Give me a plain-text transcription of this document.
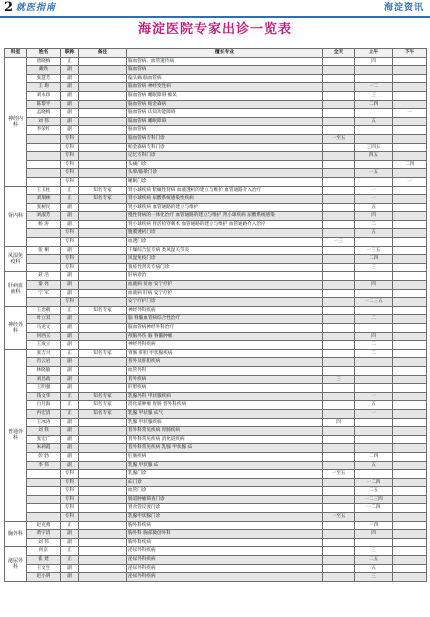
2 就医指南	海淀资讯
海淀医院专家出诊一览表
科室	姓名	职称	备注	擅长专业	全天	上午	下午
神经内科	唐晓梅	正		脑血管病、血管遗传病		四	
	戴铁	副		脑血管病			
	张慧芳	副		偏头痛 脑血管病			
	王 珣	副		脑血管病 神经变性病		一二	
	刘永珍	副		脑血管病 睡眠障碍 痴呆		三	
	陈黎平	副		脑血管病 帕金森病		二四	
	孟晓梅	副		脑血管病 认知功能障碍			一
	刘 伟	副		脑血管病 睡眠障碍		五	
	李荣红	副		脑血管病			
		专科		脑血管病专科门诊	一至五		
		专科		帕金森病专科门诊		三四五	
		专科		记忆专科门诊		四五	
		专科		头痛门诊			二四
		专科		头晕/眩晕门诊		一五	
		专科		睡眠门诊			一
肾内科	王玉柱	正	知名专家	肾小球疾病 紫癜性肾病 血液透析的建立与维护 血管通路介入治疗		一	
	刘瑞林	正	知名专家	肾小球疾病 尿酸系统感染性疾病		一	
	张树民	副		肾小球疾病 血管通路的建立与维护		五	
	刘淑芳	副		慢性肾病的一体化治疗 血管通路的建立与维护 肾小球疾病 尿酸系统感染		四	
	杨 涛	副		肾小球疾病 肾活检穿刺术 血管通路的建立与维护 血管通路介入治疗		二	
		专科		腹膜透析门诊		五	
		专科		血透门诊	一三		
风湿免疫科	张 桐	副		干燥综合征专病 类风湿关节炎		一三五	
		专科		风湿免疫门诊		二四	
		专科		狼疮性肾炎专病门诊		三	
肝病血液科	聂 浩	副		肝病诊治			
	秦 亮	副		血液病 贫血 安宁疗护		四	
	宁 军	副		血液病 肝病 安宁疗护			
		专科		安宁疗护门诊		一二三五	
神经外科	王忠朝	正	知名专家	神经外科疾病			
	叶立双	副		脑 脊髓血管病综合性治疗		二	
	马龙文	副		脑血管病神经外科治疗			
	何西玉	副		颅脑外伤 脑 脊髓肿瘤		四	
	王成立	副		神经外科疾病		二	
普通外科	张吉兴	正	知名专家	胃肠 肝胆 甲状腺疾病		二	
	肖云岩	副		普外及肝胆疾病			
	林晓敏	副		血管外科			
	刘昌政	副		普外疾病	三		
	王明强	副		肝胆疾病			
	钱文华	正	知名专家	乳腺外科 甲状腺疾病		一	
	白月海	正	知名专家	消化道肿瘤 胃肠 普外科疾病		五	
	冉宏清	正	知名专家	乳腺 甲状腺 疝气		一	
	王冰涛	副		乳腺 甲状腺疾病	四		
	刘 铁	副		普外科常见疾病 胃肠疾病			
	张宏广	副		普外科常见疾病 消化道疾病			
	朱莉霞	副		普外科常见疾病 乳腺 甲状腺 疝			
	彭 勃	副		肛肠疾病		二四	
	李 伟	副		乳腺 甲状腺 疝		五	
		专科		乳腺门诊	一至五		
		专科		疝门诊		一二四	
		专科		血管门诊		二五	
		专科		肠道肿瘤筛查门诊		一二三四	
		专科		胃食管反流门诊		一二四	
		专科		乳腺甲状腺门诊	一至五		
胸外科	赵克燕	正		胸外科疾病		一四	
	黄宇清	副		胸外科 胸部微创外科		四	
	刘 伟	副		胸外科疾病			
泌尿外科	何京	正		泌尿外科疾病		三	
	崔 建	正		泌尿外科疾病		二五	
	王文生	副		泌尿外科疾病		五	
	赵小明	副		泌尿外科疾病		三	
